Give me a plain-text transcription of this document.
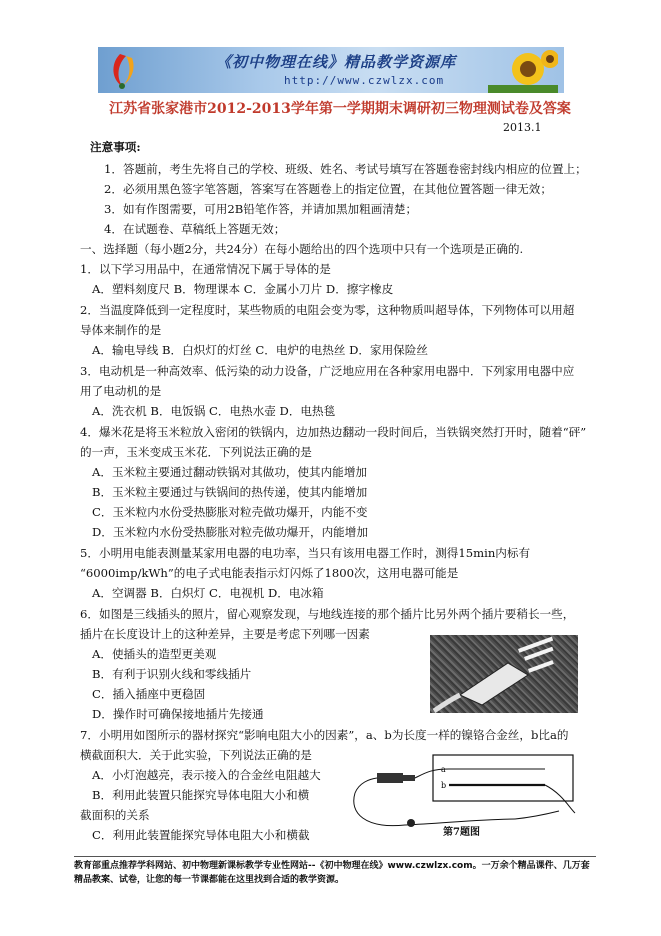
《初中物理在线》精品教学资源库
http://www.czwlzx.com
江苏省张家港市2012-2013学年第一学期期末调研初三物理测试卷及答案
2013.1
注意事项:
1．答题前，考生先将自己的学校、班级、姓名、考试号填写在答题卷密封线内相应的位置上；
2．必须用黑色签字笔答题，答案写在答题卷上的指定位置，在其他位置答题一律无效；
3．如有作图需要，可用2B铅笔作答，并请加黑加粗画清楚；
4．在试题卷、草稿纸上答题无效；
一、选择题（每小题2分，共24分）在每小题给出的四个选项中只有一个选项是正确的.
1．以下学习用品中，在通常情况下属于导体的是
A．塑料刻度尺 B．物理课本 C．金属小刀片 D．擦字橡皮
2．当温度降低到一定程度时，某些物质的电阻会变为零，这种物质叫超导体，下列物体可以用超
导体来制作的是
A．输电导线 B．白炽灯的灯丝 C．电炉的电热丝 D．家用保险丝
3．电动机是一种高效率、低污染的动力设备，广泛地应用在各种家用电器中．下列家用电器中应
用了电动机的是
A．洗衣机 B．电饭锅 C．电热水壶 D．电热毯
4．爆米花是将玉米粒放入密闭的铁锅内，边加热边翻动一段时间后，当铁锅突然打开时，随着“砰”
的一声，玉米变成玉米花．下列说法正确的是
A．玉米粒主要通过翻动铁锅对其做功，使其内能增加
B．玉米粒主要通过与铁锅间的热传递，使其内能增加
C．玉米粒内水份受热膨胀对粒壳做功爆开，内能不变
D．玉米粒内水份受热膨胀对粒壳做功爆开，内能增加
5．小明用电能表测量某家用电器的电功率，当只有该用电器工作时，测得15min内标有
“6000imp/kWh”的电子式电能表指示灯闪烁了1800次，这用电器可能是
A．空调器 B．白炽灯 C．电视机 D．电冰箱
6．如图是三线插头的照片，留心观察发现，与地线连接的那个插片比另外两个插片要稍长一些，
插片在长度设计上的这种差异，主要是考虑下列哪一因素
A．使插头的造型更美观
B．有利于识别火线和零线插片
C．插入插座中更稳固
D．操作时可确保接地插片先接通
7．小明用如图所示的器材探究“影响电阻大小的因素”，a、b为长度一样的镍铬合金丝，b比a的
横截面积大．关于此实验，下列说法正确的是
A．小灯泡越亮，表示接入的合金丝电阻越大
B．利用此装置只能探究导体电阻大小和横
截面积的关系
C．利用此装置能探究导体电阻大小和横截
a
b
第7题图
教育部重点推荐学科网站、初中物理新课标教学专业性网站--《初中物理在线》www.czwlzx.com。一万余个精品课件、几万套精品教案、试卷，让您的每一节课都能在这里找到合适的教学资源。
